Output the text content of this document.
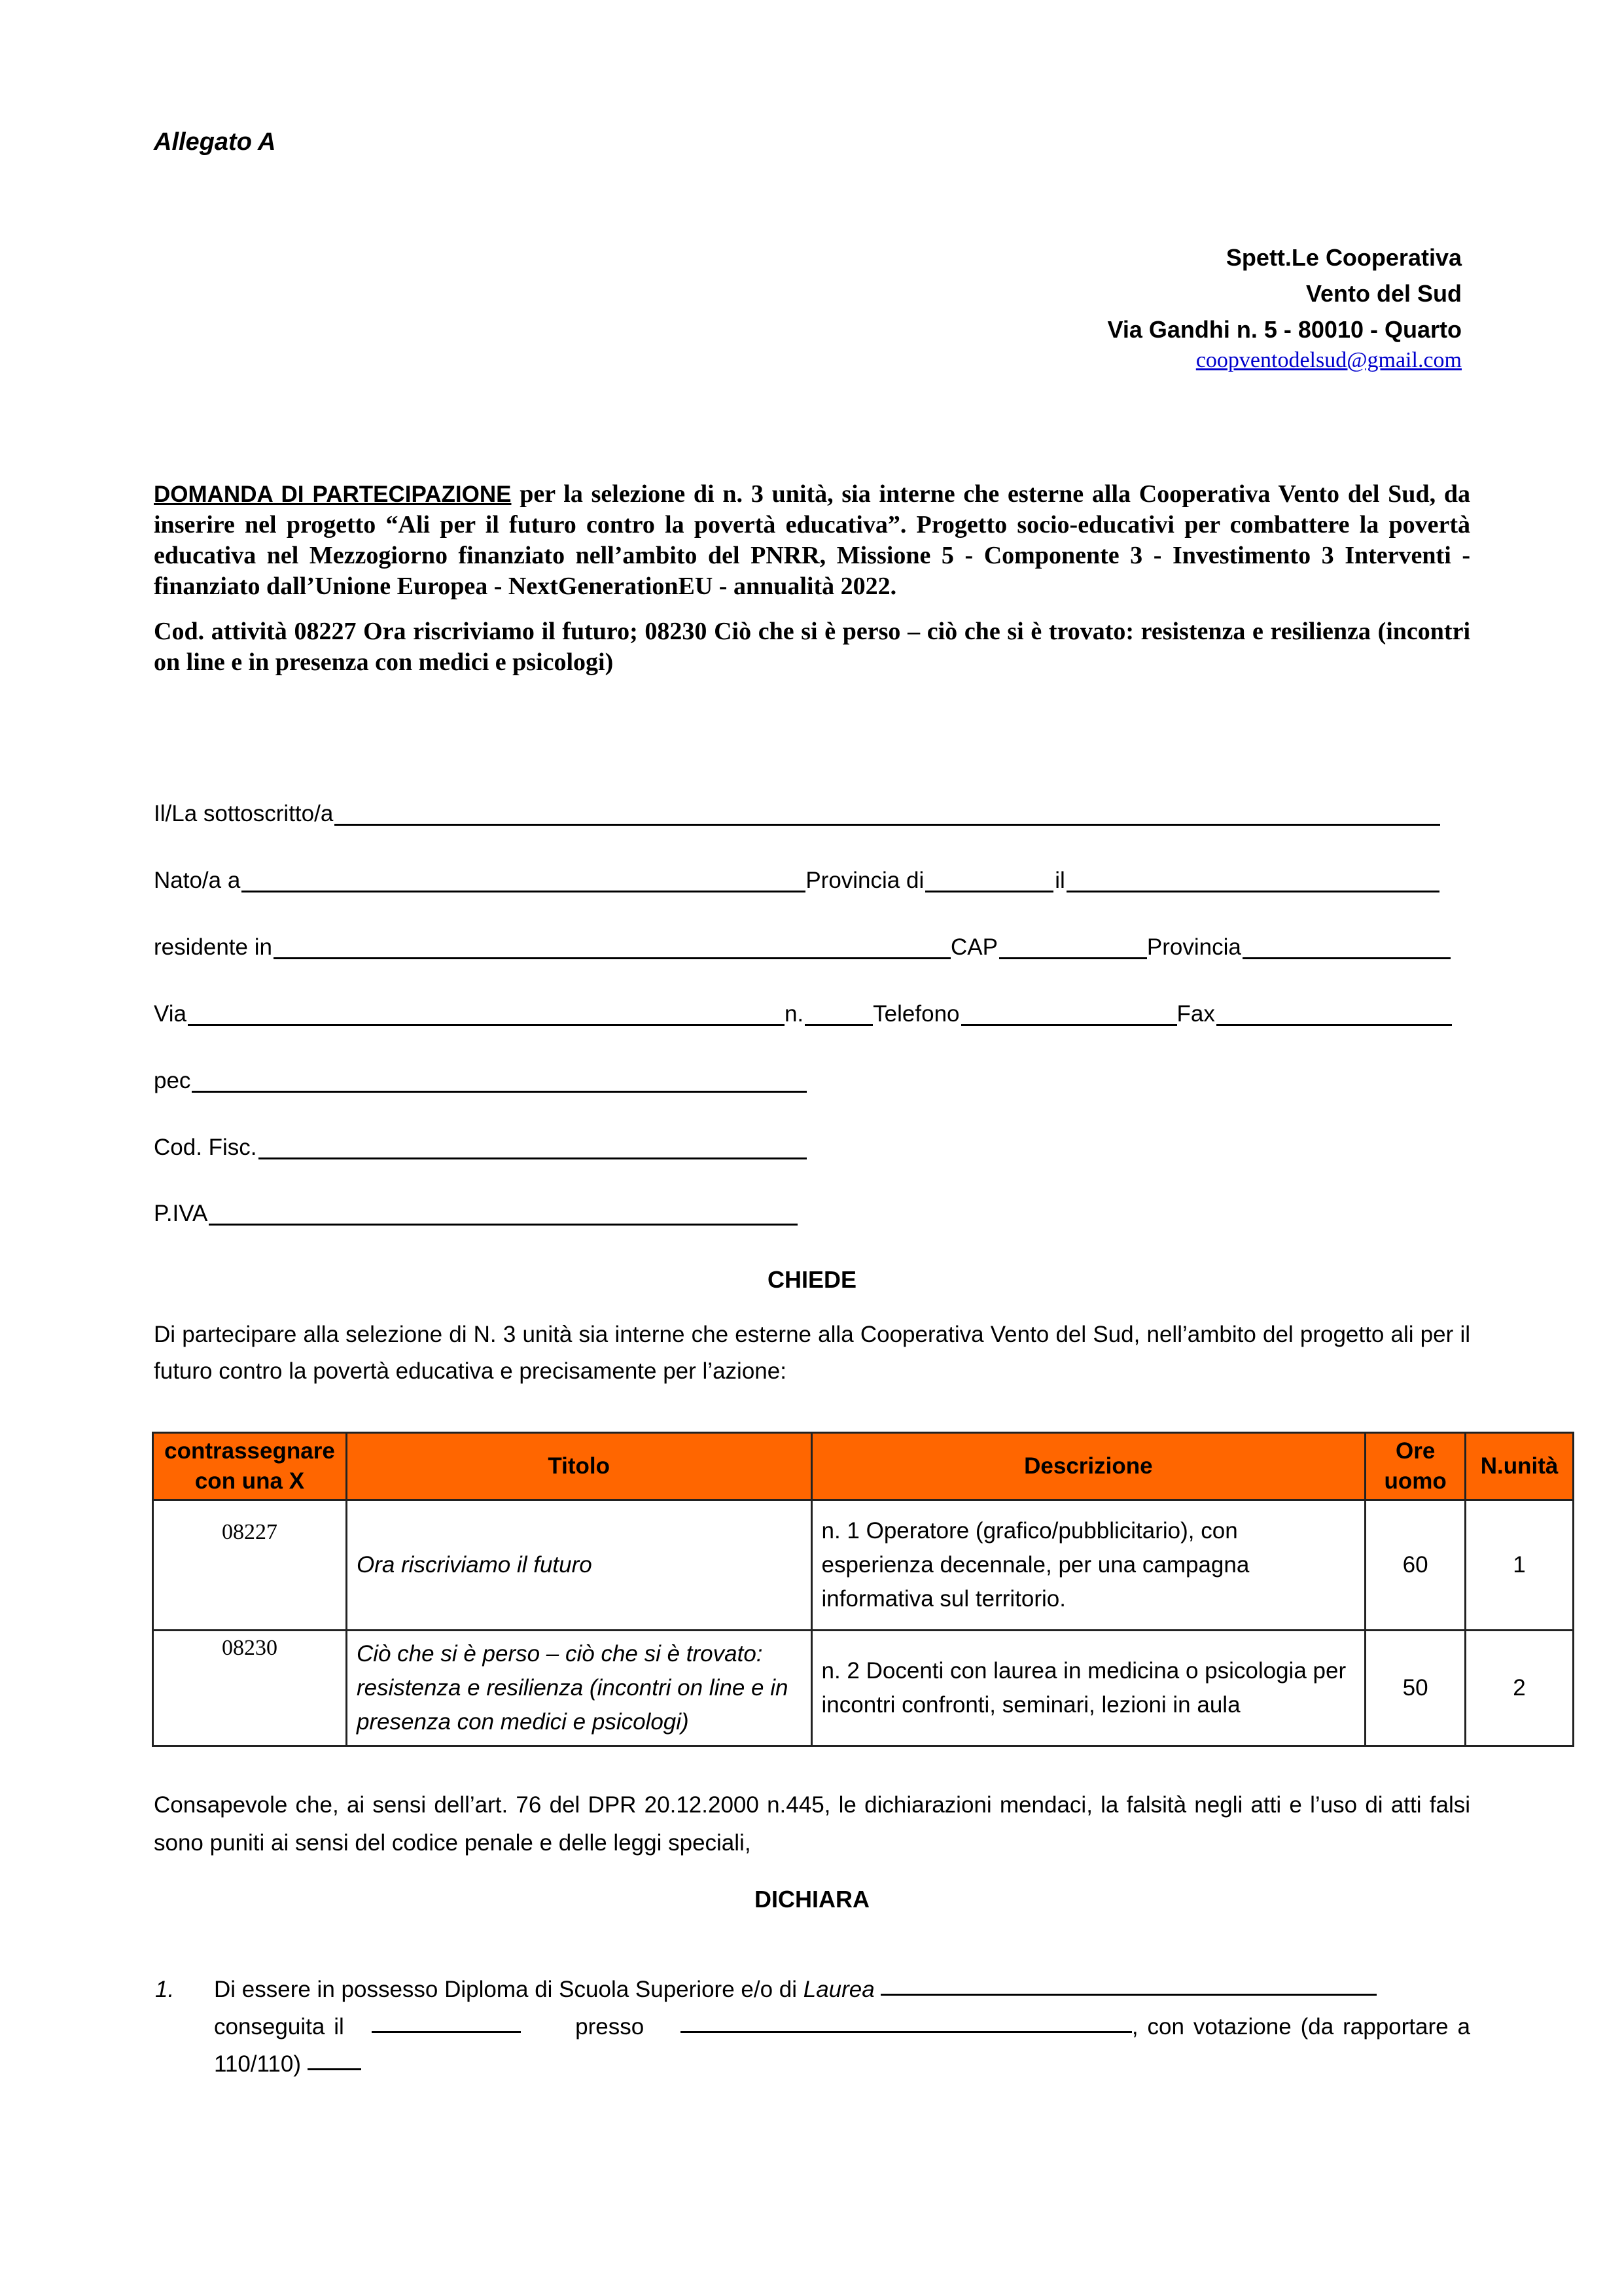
Allegato A
Spett.Le Cooperativa
Vento del Sud
Via Gandhi n. 5 - 80010 - Quarto
coopventodelsud@gmail.com
DOMANDA DI PARTECIPAZIONE per la selezione di n. 3 unità, sia interne che esterne alla Cooperativa Vento del Sud, da inserire nel progetto “Ali per il futuro contro la povertà educativa”. Progetto socio-educativi per combattere la povertà educativa nel Mezzogiorno finanziato nell’ambito del PNRR, Missione 5 - Componente 3 - Investimento 3 Interventi - finanziato dall’Unione Europea - NextGenerationEU - annualità 2022.
Cod. attività 08227 Ora riscriviamo il futuro; 08230 Ciò che si è perso – ciò che si è trovato: resistenza e resilienza (incontri on line e in presenza con medici e psicologi)
Il/La sottoscritto/a
Nato/a a	Provincia di	il
residente in	CAP	Provincia
Via	n.	Telefono	Fax
pec
Cod. Fisc.
P.IVA
CHIEDE
Di partecipare alla selezione di N. 3 unità sia interne che esterne alla Cooperativa Vento del Sud, nell’ambito del progetto ali per il futuro contro la povertà educativa e precisamente per l’azione:
contrassegnare con una X	Titolo	Descrizione	Ore uomo	N.unità
08227	Ora riscriviamo il futuro	n. 1 Operatore (grafico/pubblicitario), con esperienza decennale, per una campagna informativa sul territorio.	60	1
08230	Ciò che si è perso – ciò che si è trovato: resistenza e resilienza (incontri on line e in presenza con medici e psicologi)	n. 2 Docenti con laurea in medicina o psicologia per incontri confronti, seminari, lezioni in aula	50	2
Consapevole che, ai sensi dell’art. 76 del DPR 20.12.2000 n.445, le dichiarazioni mendaci, la falsità negli atti e l’uso di atti falsi sono puniti ai sensi del codice penale e delle leggi speciali,
DICHIARA
1. Di essere in possesso Diploma di Scuola Superiore e/o di Laurea
conseguita il	presso	, con votazione (da rapportare a 110/110)
